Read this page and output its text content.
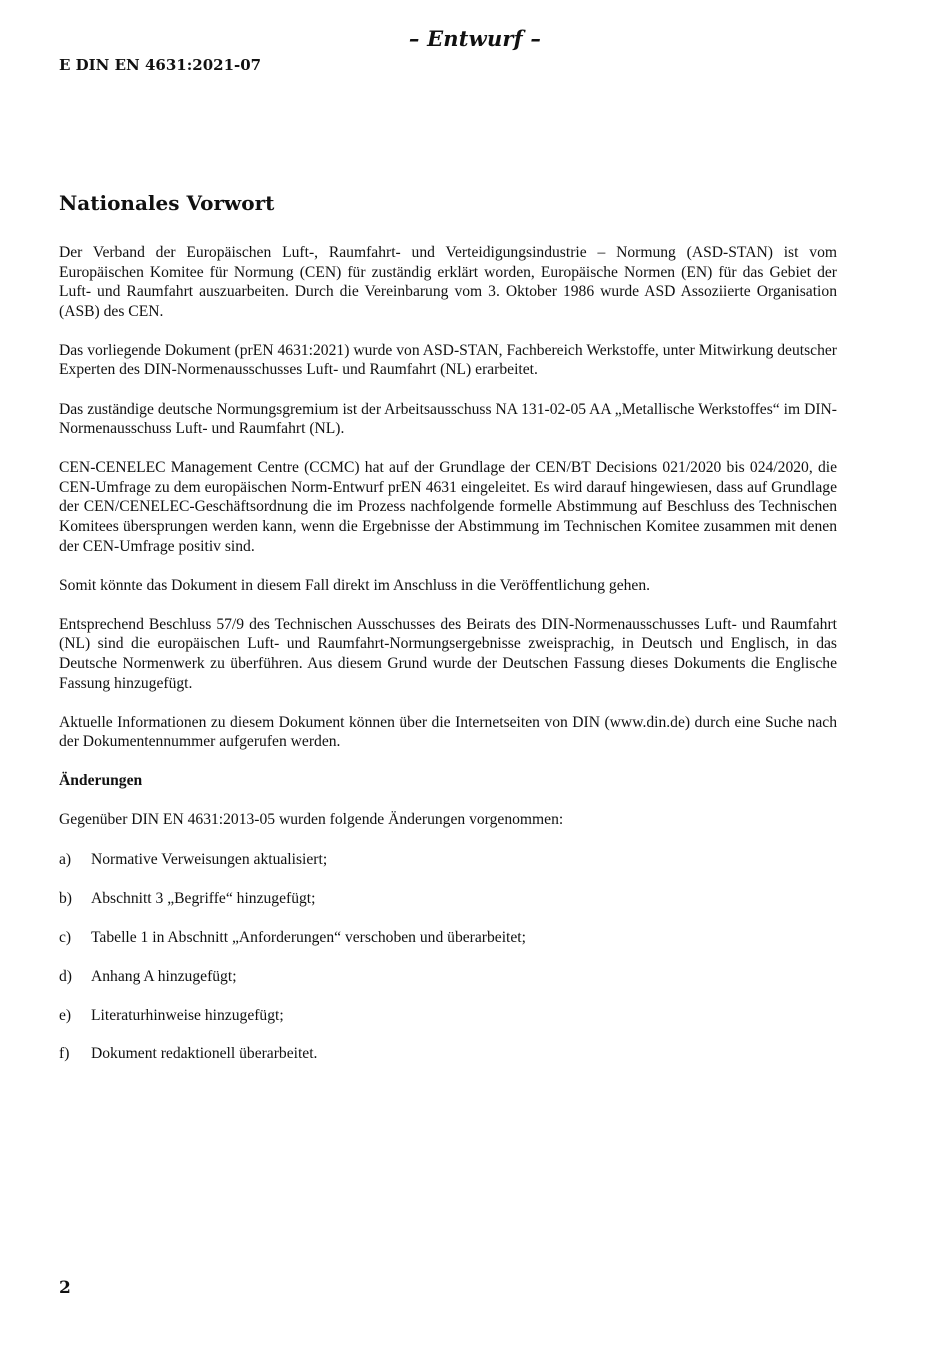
– Entwurf –
E DIN EN 4631:2021-07
Nationales Vorwort

Der Verband der Europäischen Luft-, Raumfahrt- und Verteidigungsindustrie – Normung (ASD-STAN) ist vom Europäischen Komitee für Normung (CEN) für zuständig erklärt worden, Europäische Normen (EN) für das Gebiet der Luft- und Raumfahrt auszuarbeiten. Durch die Vereinbarung vom 3. Oktober 1986 wurde ASD Assoziierte Organisation (ASB) des CEN.

Das vorliegende Dokument (prEN 4631:2021) wurde von ASD-STAN, Fachbereich Werkstoffe, unter Mitwirkung deutscher Experten des DIN-Normenausschusses Luft- und Raumfahrt (NL) erarbeitet.

Das zuständige deutsche Normungsgremium ist der Arbeitsausschuss NA 131-02-05 AA „Metallische Werkstoffes“ im DIN-Normenausschuss Luft- und Raumfahrt (NL).

CEN-CENELEC Management Centre (CCMC) hat auf der Grundlage der CEN/BT Decisions 021/2020 bis 024/2020, die CEN-Umfrage zu dem europäischen Norm-Entwurf prEN 4631 eingeleitet. Es wird darauf hingewiesen, dass auf Grundlage der CEN/CENELEC-Geschäftsordnung die im Prozess nachfolgende formelle Abstimmung auf Beschluss des Technischen Komitees übersprungen werden kann, wenn die Ergebnisse der Abstimmung im Technischen Komitee zusammen mit denen der CEN-Umfrage positiv sind.

Somit könnte das Dokument in diesem Fall direkt im Anschluss in die Veröffentlichung gehen.

Entsprechend Beschluss 57/9 des Technischen Ausschusses des Beirats des DIN-Normenausschusses Luft- und Raumfahrt (NL) sind die europäischen Luft- und Raumfahrt-Normungsergebnisse zweisprachig, in Deutsch und Englisch, in das Deutsche Normenwerk zu überführen. Aus diesem Grund wurde der Deutschen Fassung dieses Dokuments die Englische Fassung hinzugefügt.

Aktuelle Informationen zu diesem Dokument können über die Internetseiten von DIN (www.din.de) durch eine Suche nach der Dokumentennummer aufgerufen werden.

Änderungen

Gegenüber DIN EN 4631:2013-05 wurden folgende Änderungen vorgenommen:

a)	Normative Verweisungen aktualisiert;
b)	Abschnitt 3 „Begriffe“ hinzugefügt;
c)	Tabelle 1 in Abschnitt „Anforderungen“ verschoben und überarbeitet;
d)	Anhang A hinzugefügt;
e)	Literaturhinweise hinzugefügt;
f)	Dokument redaktionell überarbeitet.
2
